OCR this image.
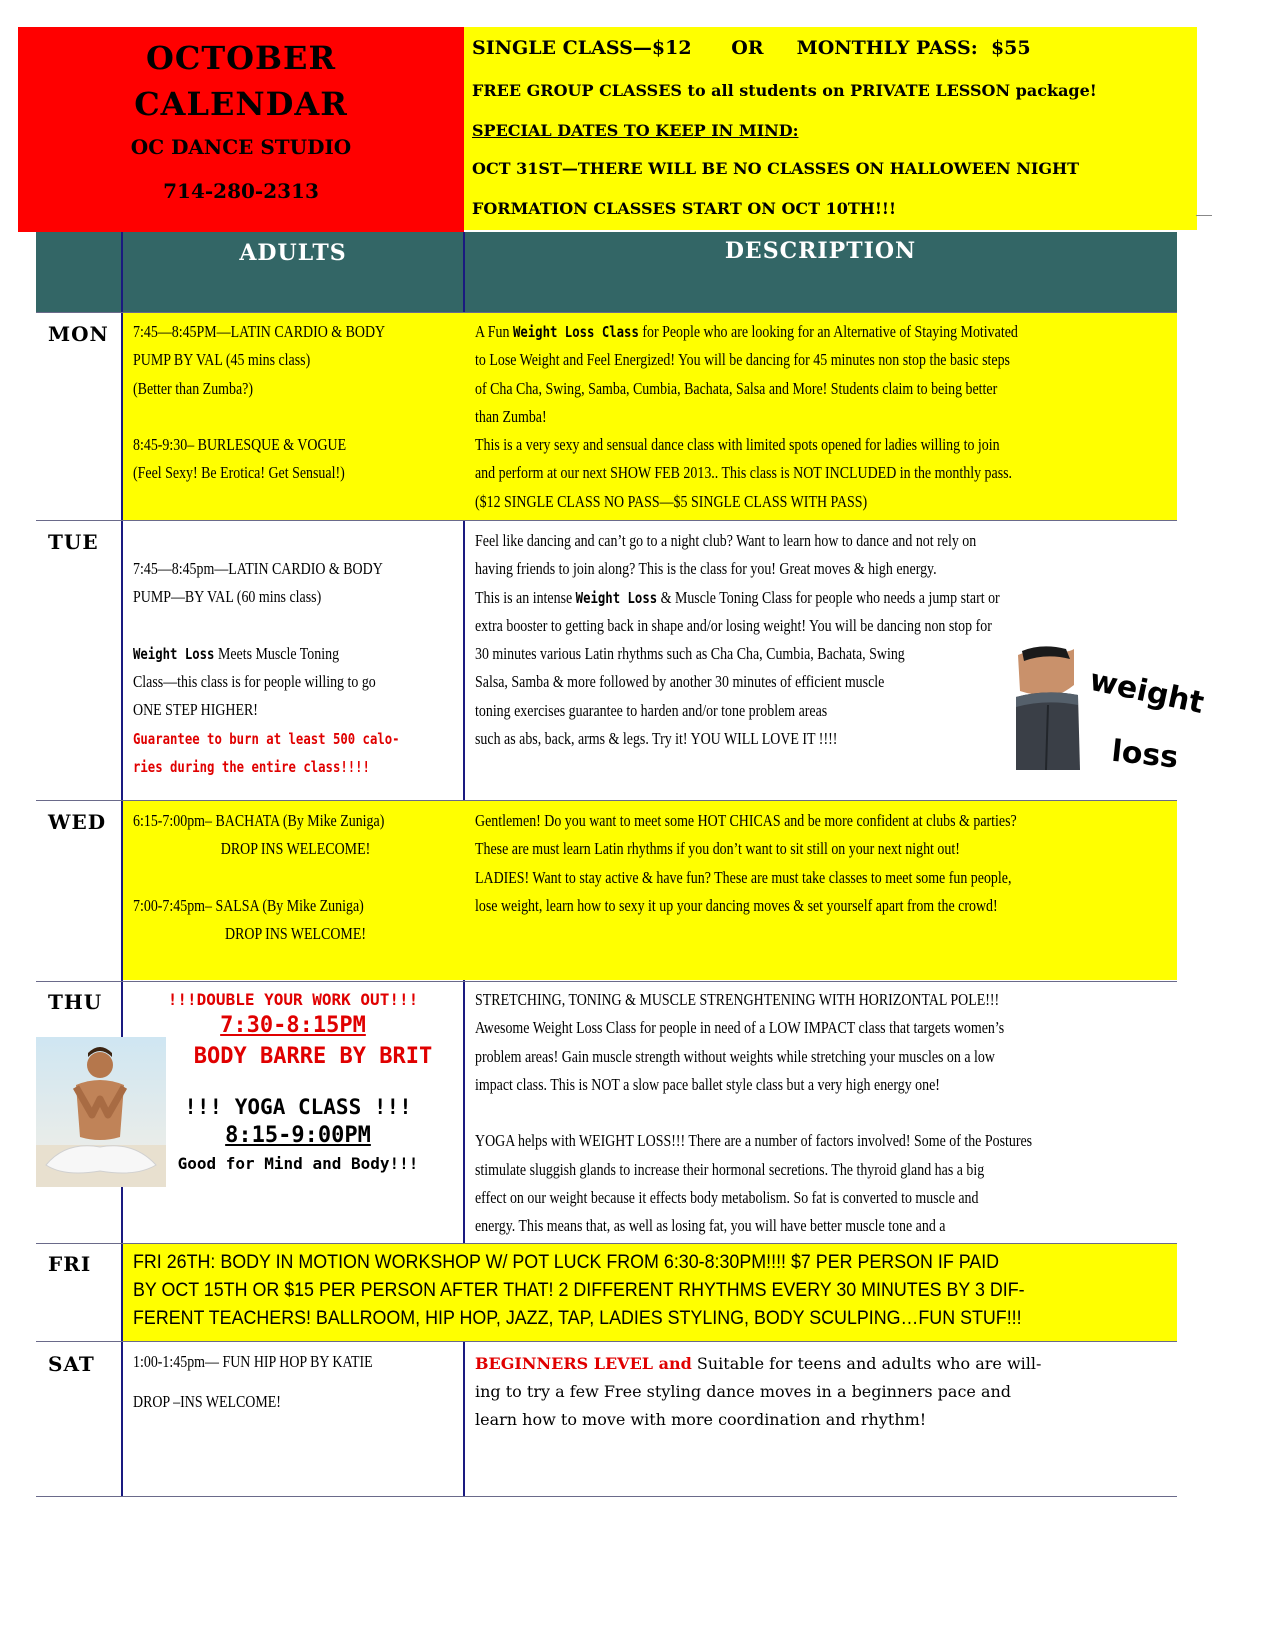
OCTOBER
CALENDAR
OC DANCE STUDIO
714-280-2313
SINGLE CLASS—$12      OR     MONTHLY PASS:  $55
FREE GROUP CLASSES to all students on PRIVATE LESSON package!
SPECIAL DATES TO KEEP IN MIND:
OCT 31ST—THERE WILL BE NO CLASSES ON HALLOWEEN NIGHT
FORMATION CLASSES START ON OCT 10TH!!!
ADULTS	DESCRIPTION
MON
TUE
WED
THU
FRI
SAT

7:45—8:45PM—LATIN CARDIO & BODY

PUMP BY VAL (45 mins class)

(Better than Zumba?)

8:45-9:30– BURLESQUE & VOGUE

(Feel Sexy! Be Erotica! Get Sensual!)

A Fun Weight Loss Class for People who are looking for an Alternative of Staying Motivated

to Lose Weight and Feel Energized! You will be dancing for 45 minutes non stop the basic steps

of Cha Cha, Swing, Samba, Cumbia, Bachata, Salsa and More! Students claim to being better

than Zumba!

This is a very sexy and sensual dance class with limited spots opened for ladies willing to join

and perform at our next SHOW FEB 2013.. This class is NOT INCLUDED in the monthly pass.

($12 SINGLE CLASS NO PASS—$5 SINGLE CLASS WITH PASS)

7:45—8:45pm—LATIN CARDIO & BODY

PUMP—BY VAL (60 mins class)

Weight Loss Meets Muscle Toning

Class—this class is for people willing to go

ONE STEP HIGHER!

Guarantee to burn at least 500 calo-

ries during the entire class!!!!

Feel like dancing and can’t go to a night club? Want to learn how to dance and not rely on

having friends to join along? This is the class for you! Great moves & high energy.

This is an intense Weight Loss & Muscle Toning Class for people who needs a jump start or

extra booster to getting back in shape and/or losing weight! You will be dancing non stop for

30 minutes various Latin rhythms such as Cha Cha, Cumbia, Bachata, Swing

Salsa, Samba & more followed by another 30 minutes of efficient muscle

toning exercises guarantee to harden and/or tone problem areas

such as abs, back, arms & legs. Try it! YOU WILL LOVE IT !!!!

weight
loss

6:15-7:00pm– BACHATA (By Mike Zuniga)

DROP INS WELECOME!

7:00-7:45pm– SALSA (By Mike Zuniga)

DROP INS WELCOME!

Gentlemen! Do you want to meet some HOT CHICAS and be more confident at clubs & parties?

These are must learn Latin rhythms if you don’t want to sit still on your next night out!

LADIES! Want to stay active & have fun? These are must take classes to meet some fun people,

lose weight, learn how to sexy it up your dancing moves & set yourself apart from the crowd!

!!!DOUBLE YOUR WORK OUT!!!
7:30-8:15PM
BODY BARRE BY BRIT
!!! YOGA CLASS !!!
8:15-9:00PM
Good for Mind and Body!!!

STRETCHING, TONING & MUSCLE STRENGHTENING WITH HORIZONTAL POLE!!!

Awesome Weight Loss Class for people in need of a LOW IMPACT class that targets women’s

problem areas! Gain muscle strength without weights while stretching your muscles on a low

impact class. This is NOT a slow pace ballet style class but a very high energy one!

YOGA helps with WEIGHT LOSS!!! There are a number of factors involved! Some of the Postures

stimulate sluggish glands to increase their hormonal secretions. The thyroid gland has a big

effect on our weight because it effects body metabolism. So fat is converted to muscle and

energy. This means that, as well as losing fat, you will have better muscle tone and a

FRI 26TH: BODY IN MOTION WORKSHOP W/ POT LUCK FROM 6:30-8:30PM!!!! $7 PER PERSON IF PAID
BY OCT 15TH OR $15 PER PERSON AFTER THAT! 2 DIFFERENT RHYTHMS EVERY 30 MINUTES BY 3 DIF-
FERENT TEACHERS! BALLROOM, HIP HOP, JAZZ, TAP, LADIES STYLING, BODY SCULPING…FUN STUF!!!

1:00-1:45pm— FUN HIP HOP BY KATIE

DROP –INS WELCOME!

BEGINNERS LEVEL and Suitable for teens and adults who are will-
ing to try a few Free styling dance moves in a beginners pace and
learn how to move with more coordination and rhythm!
